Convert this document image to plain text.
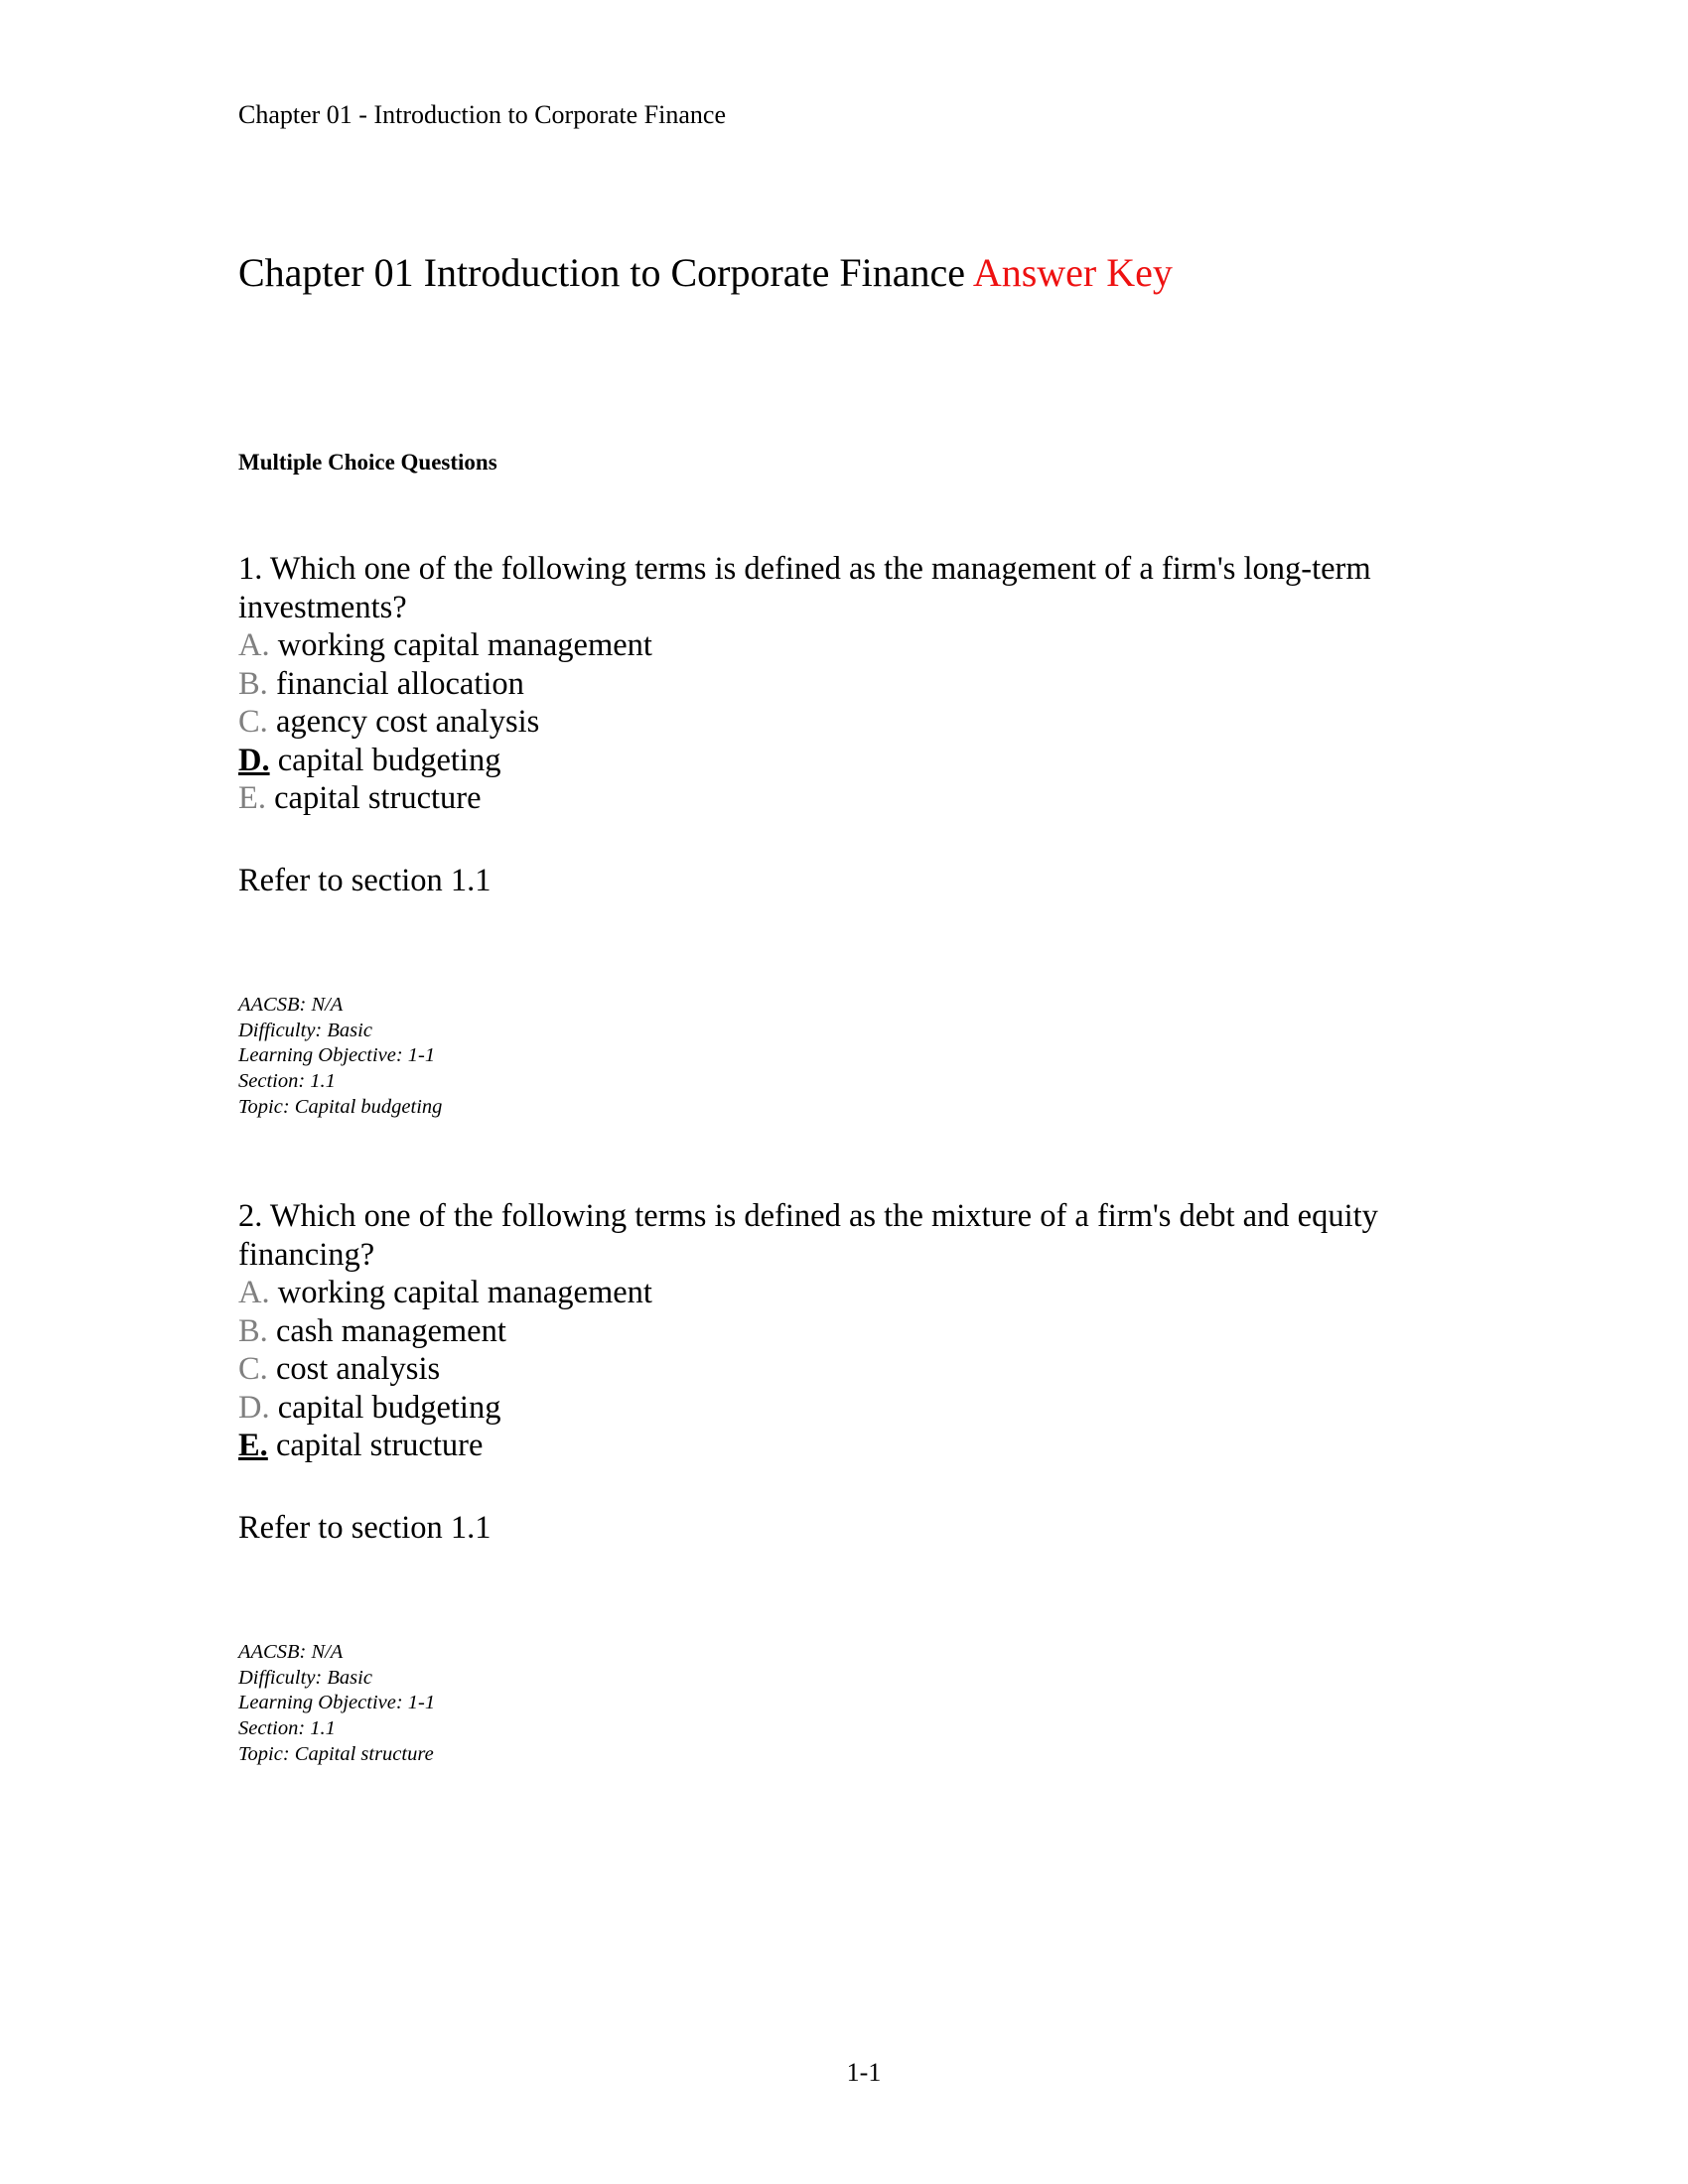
Chapter 01 - Introduction to Corporate Finance
Chapter 01 Introduction to Corporate Finance Answer Key
Multiple Choice Questions

1. Which one of the following terms is defined as the management of a firm's long-term investments?

A. working capital management

B. financial allocation

C. agency cost analysis

D. capital budgeting

E. capital structure

Refer to section 1.1
AACSB: N/A
Difficulty: Basic
Learning Objective: 1-1
Section: 1.1
Topic: Capital budgeting

2. Which one of the following terms is defined as the mixture of a firm's debt and equity financing?

A. working capital management

B. cash management

C. cost analysis

D. capital budgeting

E. capital structure

Refer to section 1.1
AACSB: N/A
Difficulty: Basic
Learning Objective: 1-1
Section: 1.1
Topic: Capital structure
1-1
